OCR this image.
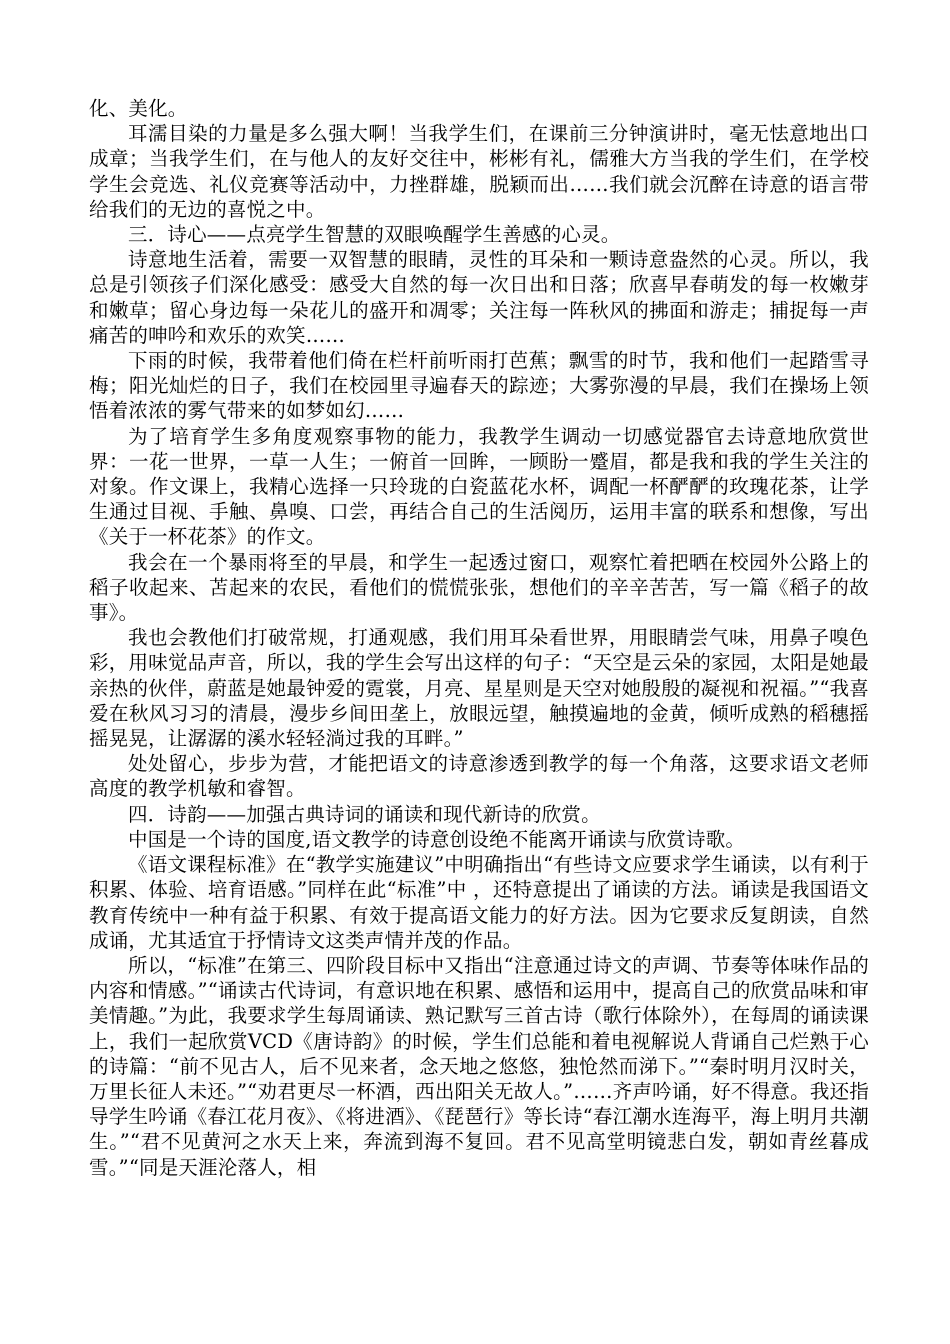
化、美化。

耳濡目染的力量是多么强大啊！当我学生们，在课前三分钟演讲时，毫无怯意地出口成章；当我学生们，在与他人的友好交往中，彬彬有礼，儒雅大方当我的学生们，在学校学生会竞选、礼仪竞赛等活动中，力挫群雄，脱颖而出……我们就会沉醉在诗意的语言带给我们的无边的喜悦之中。

三．诗心——点亮学生智慧的双眼唤醒学生善感的心灵。

诗意地生活着，需要一双智慧的眼睛，灵性的耳朵和一颗诗意盎然的心灵。所以，我总是引领孩子们深化感受：感受大自然的每一次日出和日落；欣喜早春萌发的每一枚嫩芽和嫩草；留心身边每一朵花儿的盛开和凋零；关注每一阵秋风的拂面和游走；捕捉每一声痛苦的呻吟和欢乐的欢笑……

下雨的时候，我带着他们倚在栏杆前听雨打芭蕉；飘雪的时节，我和他们一起踏雪寻梅；阳光灿烂的日子，我们在校园里寻遍春天的踪迹；大雾弥漫的早晨，我们在操场上领悟着浓浓的雾气带来的如梦如幻……

为了培育学生多角度观察事物的能力，我教学生调动一切感觉器官去诗意地欣赏世界：一花一世界，一草一人生；一俯首一回眸，一顾盼一蹙眉，都是我和我的学生关注的对象。作文课上，我精心选择一只玲珑的白瓷蓝花水杯，调配一杯酽酽的玫瑰花茶，让学生通过目视、手触、鼻嗅、口尝，再结合自己的生活阅历，运用丰富的联系和想像，写出《关于一杯花茶》的作文。

我会在一个暴雨将至的早晨，和学生一起透过窗口，观察忙着把晒在校园外公路上的稻子收起来、苫起来的农民，看他们的慌慌张张，想他们的辛辛苦苦，写一篇《稻子的故事》。

我也会教他们打破常规，打通观感，我们用耳朵看世界，用眼睛尝气味，用鼻子嗅色彩，用味觉品声音，所以，我的学生会写出这样的句子：“天空是云朵的家园，太阳是她最亲热的伙伴，蔚蓝是她最钟爱的霓裳，月亮、星星则是天空对她殷殷的凝视和祝福。”“我喜爱在秋风习习的清晨，漫步乡间田垄上，放眼远望，触摸遍地的金黄，倾听成熟的稻穗摇摇晃晃，让潺潺的溪水轻轻淌过我的耳畔。”

处处留心，步步为营，才能把语文的诗意渗透到教学的每一个角落，这要求语文老师高度的教学机敏和睿智。

四．诗韵——加强古典诗词的诵读和现代新诗的欣赏。

中国是一个诗的国度,语文教学的诗意创设绝不能离开诵读与欣赏诗歌。

《语文课程标准》在“教学实施建议”中明确指出“有些诗文应要求学生诵读，以有利于积累、体验、培育语感。”同样在此“标准”中 ，还特意提出了诵读的方法。诵读是我国语文教育传统中一种有益于积累、有效于提高语文能力的好方法。因为它要求反复朗读，自然成诵，尤其适宜于抒情诗文这类声情并茂的作品。

所以，“标准”在第三、四阶段目标中又指出“注意通过诗文的声调、节奏等体味作品的内容和情感。”“诵读古代诗词，有意识地在积累、感悟和运用中，提高自己的欣赏品味和审美情趣。”为此，我要求学生每周诵读、熟记默写三首古诗（歌行体除外），在每周的诵读课上，我们一起欣赏VCD《唐诗韵》的时候，学生们总能和着电视解说人背诵自己烂熟于心的诗篇：“前不见古人，后不见来者，念天地之悠悠，独怆然而涕下。”“秦时明月汉时关，万里长征人未还。”“劝君更尽一杯酒，西出阳关无故人。”……齐声吟诵，好不得意。我还指导学生吟诵《春江花月夜》、《将进酒》、《琵琶行》等长诗“春江潮水连海平，海上明月共潮生。”“君不见黄河之水天上来，奔流到海不复回。君不见高堂明镜悲白发，朝如青丝暮成雪。”“同是天涯沦落人，相
